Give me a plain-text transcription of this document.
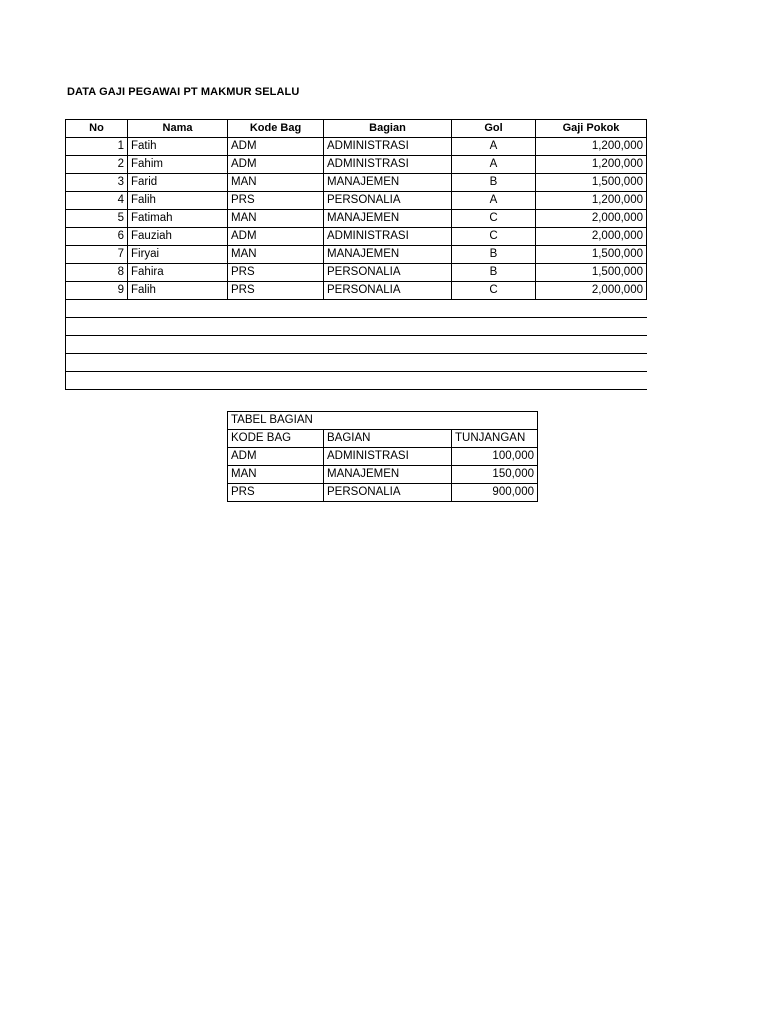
DATA GAJI PEGAWAI PT MAKMUR SELALU
No	Nama	Kode Bag	Bagian	Gol	Gaji Pokok
1	Fatih	ADM	ADMINISTRASI	A	1,200,000
2	Fahim	ADM	ADMINISTRASI	A	1,200,000
3	Farid	MAN	MANAJEMEN	B	1,500,000
4	Falih	PRS	PERSONALIA	A	1,200,000
5	Fatimah	MAN	MANAJEMEN	C	2,000,000
6	Fauziah	ADM	ADMINISTRASI	C	2,000,000
7	Firyai	MAN	MANAJEMEN	B	1,500,000
8	Fahira	PRS	PERSONALIA	B	1,500,000
9	Falih	PRS	PERSONALIA	C	2,000,000

TABEL BAGIAN		
KODE BAG	BAGIAN	TUNJANGAN
ADM	ADMINISTRASI	100,000
MAN	MANAJEMEN	150,000
PRS	PERSONALIA	900,000
